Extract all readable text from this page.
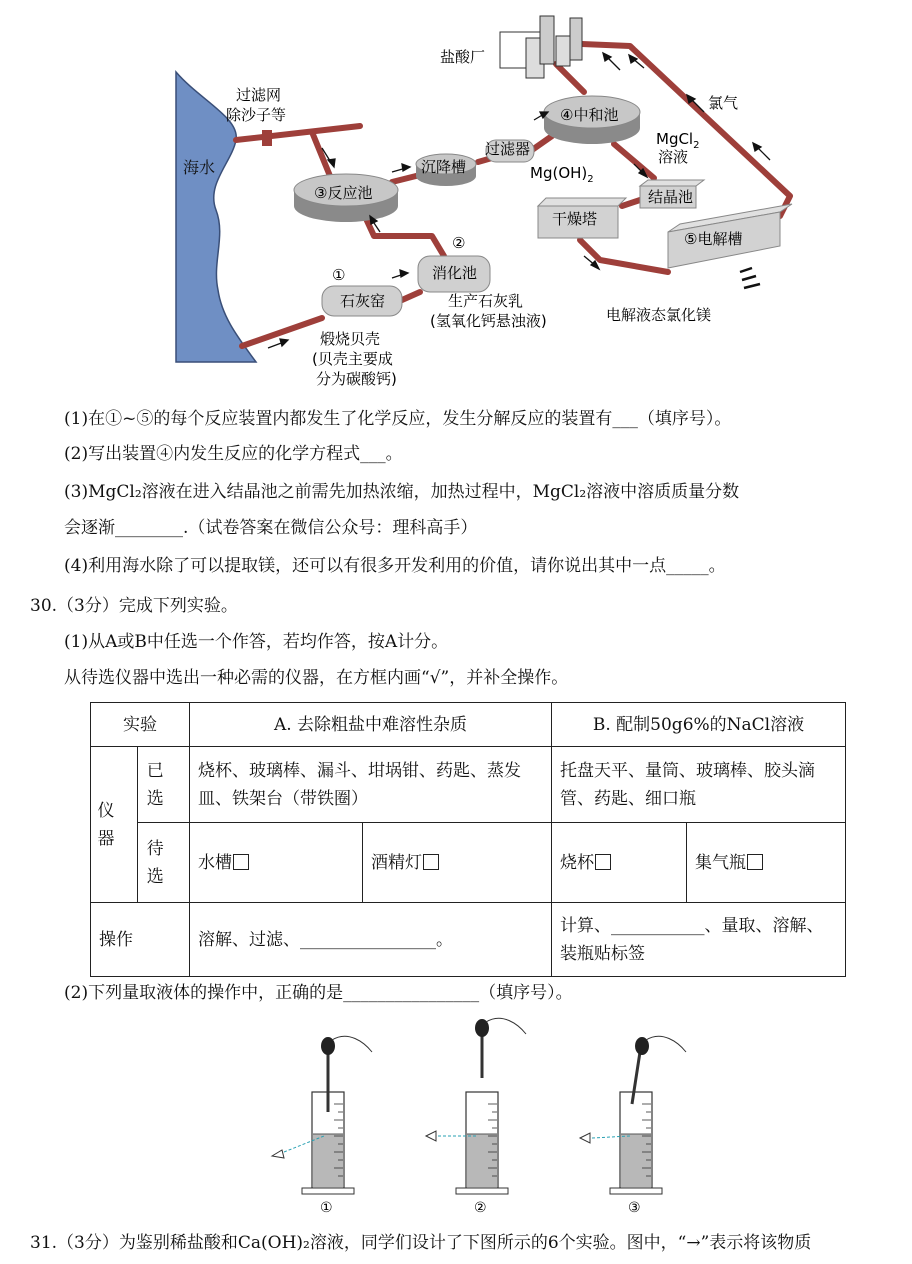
海水
③反应池
沉降槽
过滤器
④中和池
盐酸厂
氯气
MgCl$_2$
溶液
$Mg(OH)_2$
结晶池
干燥塔
⑤电解槽
电解液态氯化镁
①
石灰窑
②
消化池
生产石灰乳
(氢氧化钙悬浊液)
煅烧贝壳
(贝壳主要成
分为碳酸钙)
过滤网
除沙子等
(1)在①~⑤的每个反应装置内都发生了化学反应，发生分解反应的装置有___（填序号）。
(2)写出装置④内发生反应的化学方程式___。
(3)MgCl₂溶液在进入结晶池之前需先加热浓缩，加热过程中，MgCl₂溶液中溶质质量分数
会逐渐________.（试卷答案在微信公众号：理科高手）
(4)利用海水除了可以提取镁，还可以有很多开发利用的价值，请你说出其中一点_____。
30.（3分）完成下列实验。
(1)从A或B中任选一个作答，若均作答，按A计分。
从待选仪器中选出一种必需的仪器，在方框内画“√”，并补全操作。
实验		A. 去除粗盐中难溶性杂质		B. 配制50g6%的NaCl溶液	

仪器	已选	烧杯、玻璃棒、漏斗、坩埚钳、药匙、蒸发皿、铁架台（带铁圈）		托盘天平、量筒、玻璃棒、胶头滴管、药匙、细口瓶	

	待选	水槽	酒精灯	烧杯	集气瓶
操作		溶解、过滤、________________。		计算、___________、量取、溶解、装瓶贴标签	
(2)下列量取液体的操作中，正确的是________________（填序号）。
①	②	③
31.（3分）为鉴别稀盐酸和Ca(OH)₂溶液，同学们设计了下图所示的6个实验。图中，“→”表示将该物质
